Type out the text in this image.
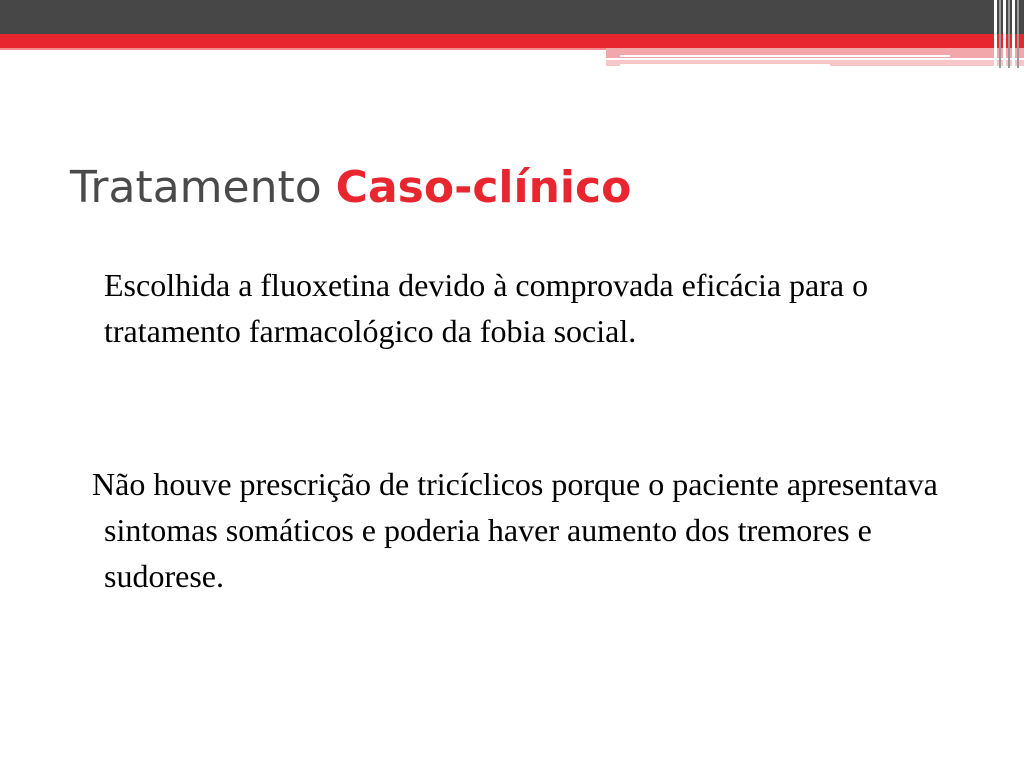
Tratamento Caso-clínico

Escolhida a fluoxetina devido à comprovada eficácia para o tratamento farmacológico da fobia social.

Não houve prescrição de tricíclicos porque o paciente apresentava sintomas somáticos e poderia haver aumento dos tremores e sudorese.
